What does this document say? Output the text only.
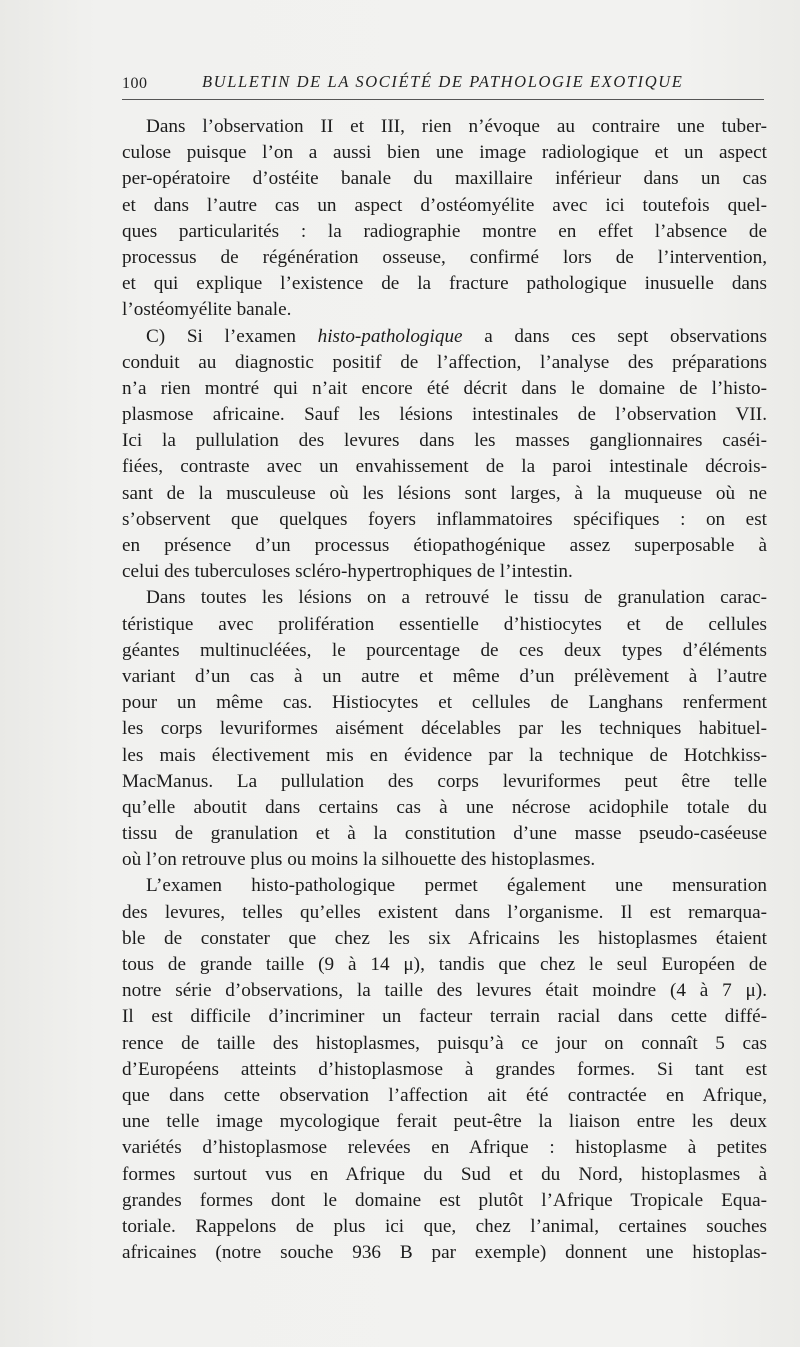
100	BULLETIN DE LA SOCIÉTÉ DE PATHOLOGIE EXOTIQUE
Dans l’observation II et III, rien n’évoque au contraire une tuber-
culose puisque l’on a aussi bien une image radiologique et un aspect
per-opératoire d’ostéite banale du maxillaire inférieur dans un cas
et dans l’autre cas un aspect d’ostéomyélite avec ici toutefois quel-
ques particularités : la radiographie montre en effet l’absence de
processus de régénération osseuse, confirmé lors de l’intervention,
et qui explique l’existence de la fracture pathologique inusuelle dans
l’ostéomyélite banale.
C) Si l’examen histo-pathologique a dans ces sept observations
conduit au diagnostic positif de l’affection, l’analyse des préparations
n’a rien montré qui n’ait encore été décrit dans le domaine de l’histo-
plasmose africaine. Sauf les lésions intestinales de l’observation VII.
Ici la pullulation des levures dans les masses ganglionnaires caséi-
fiées, contraste avec un envahissement de la paroi intestinale décrois-
sant de la musculeuse où les lésions sont larges, à la muqueuse où ne
s’observent que quelques foyers inflammatoires spécifiques : on est
en présence d’un processus étiopathogénique assez superposable à
celui des tuberculoses scléro-hypertrophiques de l’intestin.
Dans toutes les lésions on a retrouvé le tissu de granulation carac-
téristique avec prolifération essentielle d’histiocytes et de cellules
géantes multinucléées, le pourcentage de ces deux types d’éléments
variant d’un cas à un autre et même d’un prélèvement à l’autre
pour un même cas. Histiocytes et cellules de Langhans renferment
les corps levuriformes aisément décelables par les techniques habituel-
les mais électivement mis en évidence par la technique de Hotchkiss-
MacManus. La pullulation des corps levuriformes peut être telle
qu’elle aboutit dans certains cas à une nécrose acidophile totale du
tissu de granulation et à la constitution d’une masse pseudo-caséeuse
où l’on retrouve plus ou moins la silhouette des histoplasmes.
L’examen histo-pathologique permet également une mensuration
des levures, telles qu’elles existent dans l’organisme. Il est remarqua-
ble de constater que chez les six Africains les histoplasmes étaient
tous de grande taille (9 à 14 μ), tandis que chez le seul Européen de
notre série d’observations, la taille des levures était moindre (4 à 7 μ).
Il est difficile d’incriminer un facteur terrain racial dans cette diffé-
rence de taille des histoplasmes, puisqu’à ce jour on connaît 5 cas
d’Européens atteints d’histoplasmose à grandes formes. Si tant est
que dans cette observation l’affection ait été contractée en Afrique,
une telle image mycologique ferait peut-être la liaison entre les deux
variétés d’histoplasmose relevées en Afrique : histoplasme à petites
formes surtout vus en Afrique du Sud et du Nord, histoplasmes à
grandes formes dont le domaine est plutôt l’Afrique Tropicale Equa-
toriale. Rappelons de plus ici que, chez l’animal, certaines souches
africaines (notre souche 936 B par exemple) donnent une histoplas-
